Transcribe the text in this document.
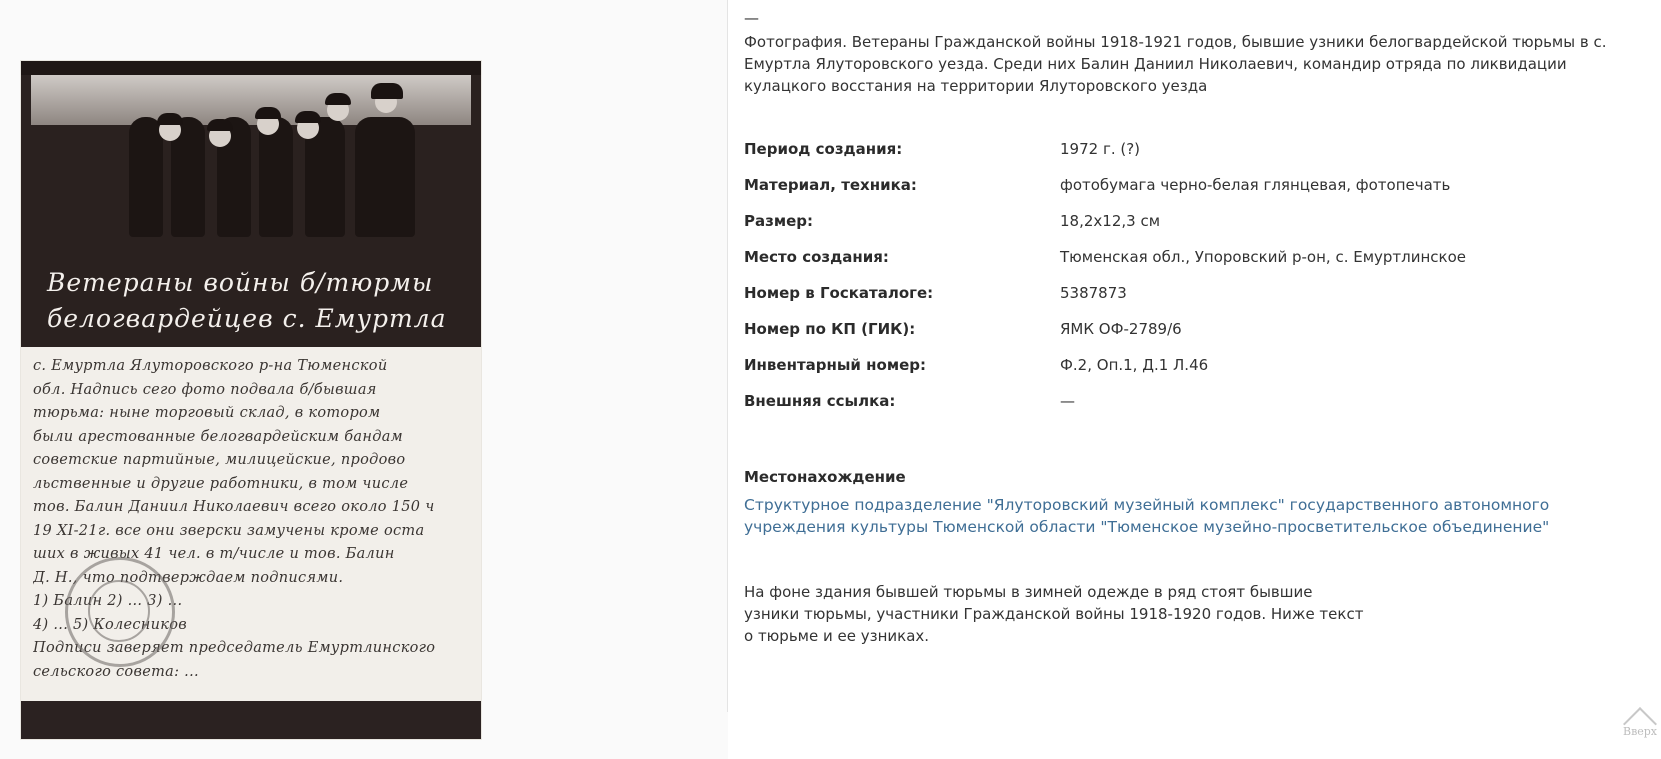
Ветераны войны б/тюрмы
белогвардейцев с. Емуртла
с. Емуртла Ялуторовского р-на Тюменской
обл. Надпись сего фото подвала б/бывшая
тюрьма: ныне торговый склад, в котором
были арестованные белогвардейским бандам
советские партийные, милицейские, продово
льственные и другие работники, в том числе
тов. Балин Даниил Николаевич всего около 150 ч
19 XI-21г. все они зверски замучены кроме оста
ших в живых 41 чел. в т/числе и тов. Балин
Д. Н., что подтверждаем подписями.
1) Балин 2) ... 3) ...
4) ... 5) Колесников
Подписи заверяет председатель Емуртлинского
сельского совета: ...
—
Фотография. Ветераны Гражданской войны 1918-1921 годов, бывшие узники белогвардейской тюрьмы в с. Емуртла Ялуторовского уезда. Среди них Балин Даниил Николаевич, командир отряда по ликвидации кулацкого восстания на территории Ялуторовского уезда
Период создания:	1972 г. (?)
Материал, техника:	фотобумага черно-белая глянцевая, фотопечать
Размер:	18,2x12,3 см
Место создания:	Тюменская обл., Упоровский р-он, с. Емуртлинское
Номер в Госкаталоге:	5387873
Номер по КП (ГИК):	ЯМК ОФ-2789/6
Инвентарный номер:	Ф.2, Оп.1, Д.1 Л.46
Внешняя ссылка:	—
Местонахождение
Структурное подразделение "Ялуторовский музейный комплекс" государственного автономного учреждения культуры Тюменской области "Тюменское музейно-просветительское объединение"
На фоне здания бывшей тюрьмы в зимней одежде в ряд стоят бывшие узники тюрьмы, участники Гражданской войны 1918-1920 годов. Ниже текст о тюрьме и ее узниках.
Вверх
